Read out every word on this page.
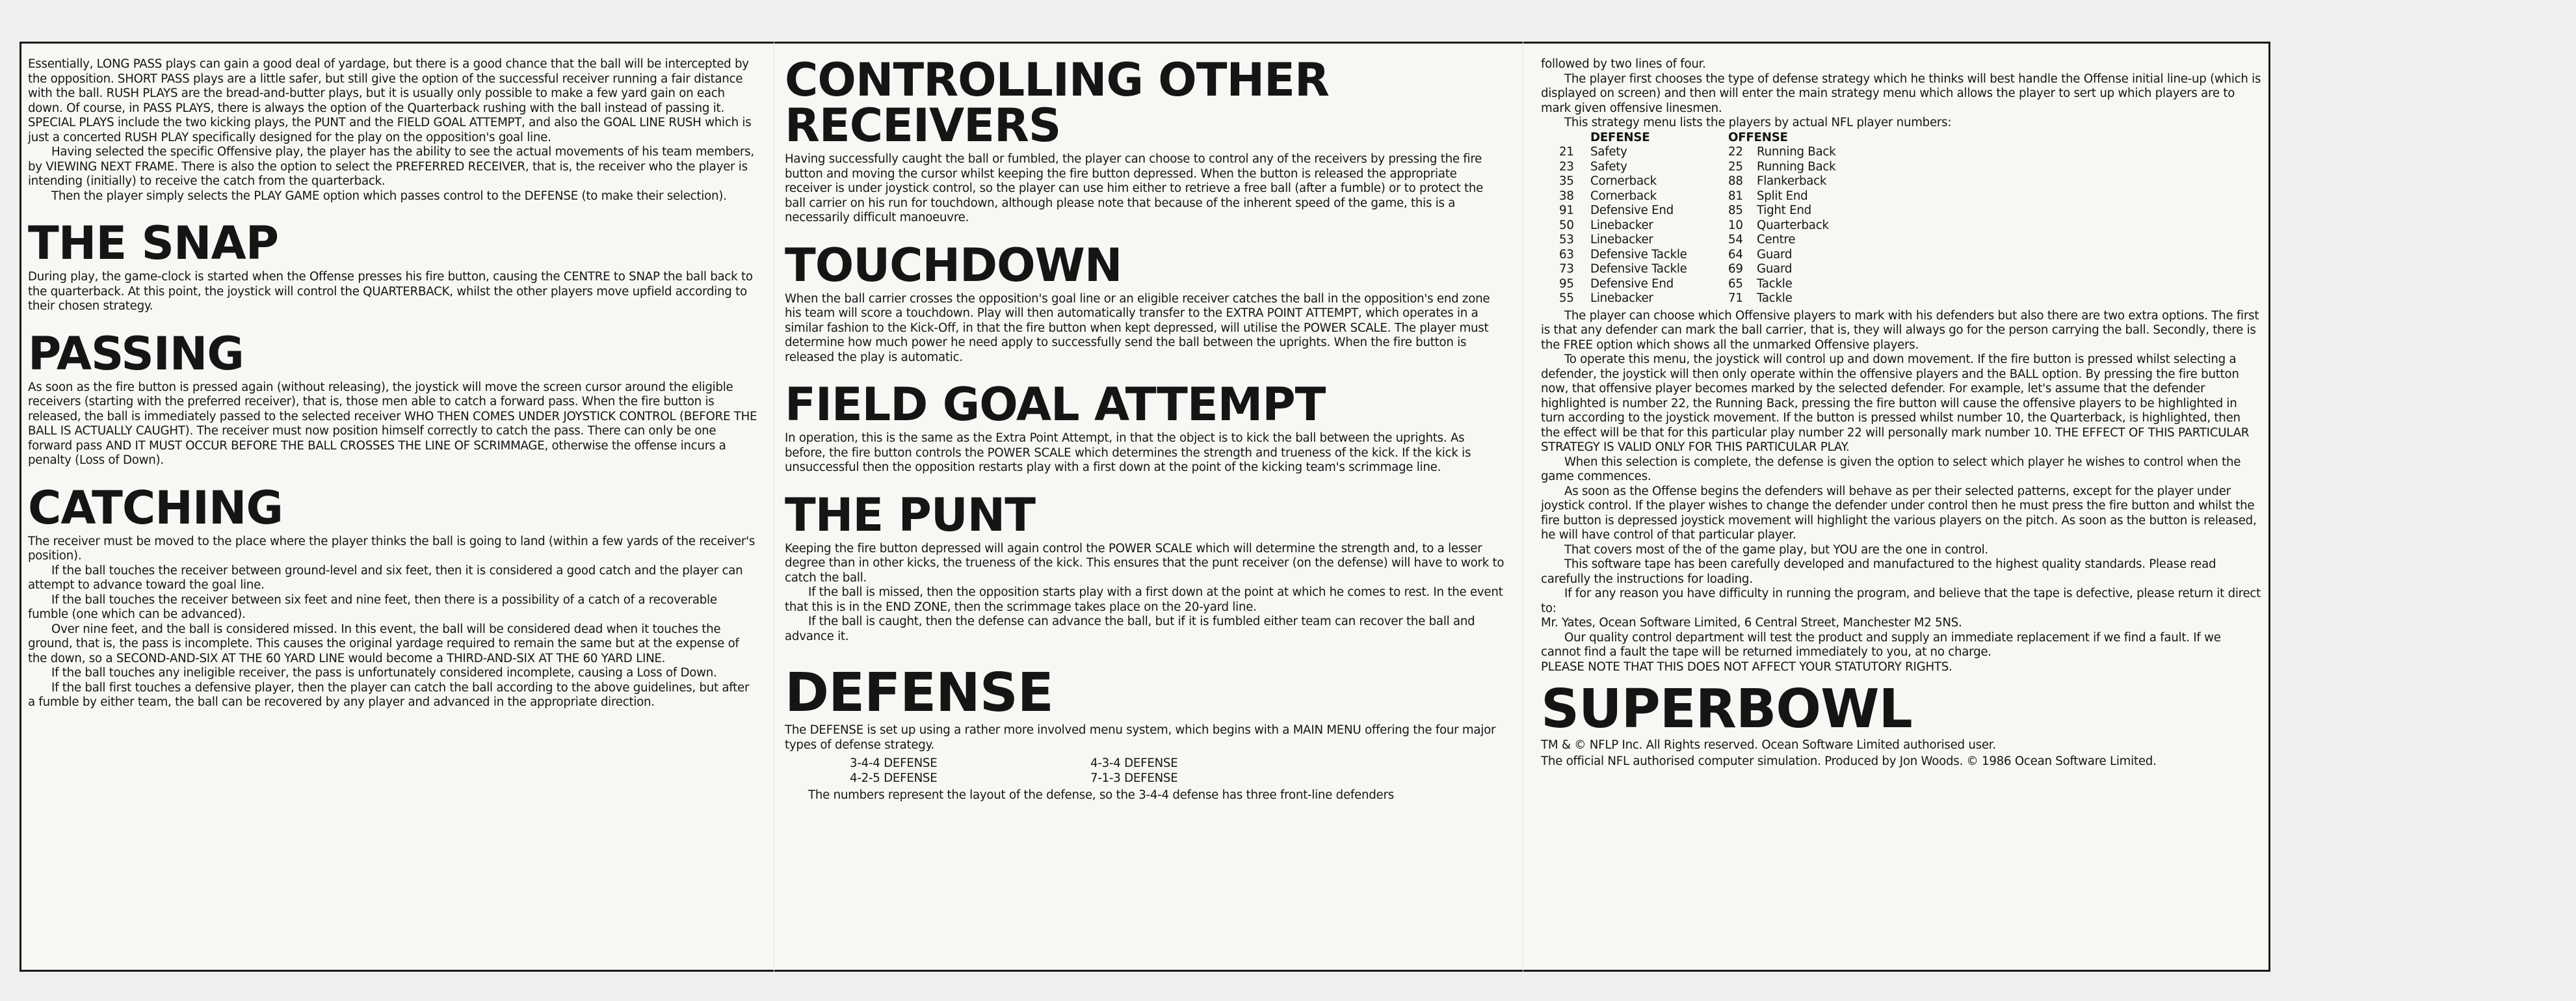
Essentially, LONG PASS plays can gain a good deal of yardage, but there is a good chance that the ball will be intercepted by the opposition. SHORT PASS plays are a little safer, but still give the option of the successful receiver running a fair distance with the ball. RUSH PLAYS are the bread-and-butter plays, but it is usually only possible to make a few yard gain on each down. Of course, in PASS PLAYS, there is always the option of the Quarterback rushing with the ball instead of passing it. SPECIAL PLAYS include the two kicking plays, the PUNT and the FIELD GOAL ATTEMPT, and also the GOAL LINE RUSH which is just a concerted RUSH PLAY specifically designed for the play on the opposition's goal line.

Having selected the specific Offensive play, the player has the ability to see the actual movements of his team members, by VIEWING NEXT FRAME. There is also the option to select the PREFERRED RECEIVER, that is, the receiver who the player is intending (initially) to receive the catch from the quarterback.

Then the player simply selects the PLAY GAME option which passes control to the DEFENSE (to make their selection).

THE SNAP

During play, the game-clock is started when the Offense presses his fire button, causing the CENTRE to SNAP the ball back to the quarterback. At this point, the joystick will control the QUARTERBACK, whilst the other players move upfield according to their chosen strategy.

PASSING

As soon as the fire button is pressed again (without releasing), the joystick will move the screen cursor around the eligible receivers (starting with the preferred receiver), that is, those men able to catch a forward pass. When the fire button is released, the ball is immediately passed to the selected receiver WHO THEN COMES UNDER JOYSTICK CONTROL (BEFORE THE BALL IS ACTUALLY CAUGHT). The receiver must now position himself correctly to catch the pass. There can only be one forward pass AND IT MUST OCCUR BEFORE THE BALL CROSSES THE LINE OF SCRIMMAGE, otherwise the offense incurs a penalty (Loss of Down).

CATCHING

The receiver must be moved to the place where the player thinks the ball is going to land (within a few yards of the receiver's position).

If the ball touches the receiver between ground-level and six feet, then it is considered a good catch and the player can attempt to advance toward the goal line.

If the ball touches the receiver between six feet and nine feet, then there is a possibility of a catch of a recoverable fumble (one which can be advanced).

Over nine feet, and the ball is considered missed. In this event, the ball will be considered dead when it touches the ground, that is, the pass is incomplete. This causes the original yardage required to remain the same but at the expense of the down, so a SECOND-AND-SIX AT THE 60 YARD LINE would become a THIRD-AND-SIX AT THE 60 YARD LINE.

If the ball touches any ineligible receiver, the pass is unfortunately considered incomplete, causing a Loss of Down.

If the ball first touches a defensive player, then the player can catch the ball according to the above guidelines, but after a fumble by either team, the ball can be recovered by any player and advanced in the appropriate direction.

CONTROLLING OTHER RECEIVERS

Having successfully caught the ball or fumbled, the player can choose to control any of the receivers by pressing the fire button and moving the cursor whilst keeping the fire button depressed. When the button is released the appropriate receiver is under joystick control, so the player can use him either to retrieve a free ball (after a fumble) or to protect the ball carrier on his run for touchdown, although please note that because of the inherent speed of the game, this is a necessarily difficult manoeuvre.

TOUCHDOWN

When the ball carrier crosses the opposition's goal line or an eligible receiver catches the ball in the opposition's end zone his team will score a touchdown. Play will then automatically transfer to the EXTRA POINT ATTEMPT, which operates in a similar fashion to the Kick-Off, in that the fire button when kept depressed, will utilise the POWER SCALE. The player must determine how much power he need apply to successfully send the ball between the uprights. When the fire button is released the play is automatic.

FIELD GOAL ATTEMPT

In operation, this is the same as the Extra Point Attempt, in that the object is to kick the ball between the uprights. As before, the fire button controls the POWER SCALE which determines the strength and trueness of the kick. If the kick is unsuccessful then the opposition restarts play with a first down at the point of the kicking team's scrimmage line.

THE PUNT

Keeping the fire button depressed will again control the POWER SCALE which will determine the strength and, to a lesser degree than in other kicks, the trueness of the kick. This ensures that the punt receiver (on the defense) will have to work to catch the ball.

If the ball is missed, then the opposition starts play with a first down at the point at which he comes to rest. In the event that this is in the END ZONE, then the scrimmage takes place on the 20-yard line.

If the ball is caught, then the defense can advance the ball, but if it is fumbled either team can recover the ball and advance it.

DEFENSE

The DEFENSE is set up using a rather more involved menu system, which begins with a MAIN MENU offering the four major types of defense strategy.

3-4-4 DEFENSE	4-3-4 DEFENSE
4-2-5 DEFENSE	7-1-3 DEFENSE

The numbers represent the layout of the defense, so the 3-4-4 defense has three front-line defenders

followed by two lines of four.

The player first chooses the type of defense strategy which he thinks will best handle the Offense initial line-up (which is displayed on screen) and then will enter the main strategy menu which allows the player to sert up which players are to mark given offensive linesmen.

This strategy menu lists the players by actual NFL player numbers:

DEFENSE	OFFENSE
21	Safety	22	Running Back
23	Safety	25	Running Back
35	Cornerback	88	Flankerback
38	Cornerback	81	Split End
91	Defensive End	85	Tight End
50	Linebacker	10	Quarterback
53	Linebacker	54	Centre
63	Defensive Tackle	64	Guard
73	Defensive Tackle	69	Guard
95	Defensive End	65	Tackle
55	Linebacker	71	Tackle

The player can choose which Offensive players to mark with his defenders but also there are two extra options. The first is that any defender can mark the ball carrier, that is, they will always go for the person carrying the ball. Secondly, there is the FREE option which shows all the unmarked Offensive players.

To operate this menu, the joystick will control up and down movement. If the fire button is pressed whilst selecting a defender, the joystick will then only operate within the offensive players and the BALL option. By pressing the fire button now, that offensive player becomes marked by the selected defender. For example, let's assume that the defender highlighted is number 22, the Running Back, pressing the fire button will cause the offensive players to be highlighted in turn according to the joystick movement. If the button is pressed whilst number 10, the Quarterback, is highlighted, then the effect will be that for this particular play number 22 will personally mark number 10. THE EFFECT OF THIS PARTICULAR STRATEGY IS VALID ONLY FOR THIS PARTICULAR PLAY.

When this selection is complete, the defense is given the option to select which player he wishes to control when the game commences.

As soon as the Offense begins the defenders will behave as per their selected patterns, except for the player under joystick control. If the player wishes to change the defender under control then he must press the fire button and whilst the fire button is depressed joystick movement will highlight the various players on the pitch. As soon as the button is released, he will have control of that particular player.

That covers most of the of the game play, but YOU are the one in control.

This software tape has been carefully developed and manufactured to the highest quality standards. Please read carefully the instructions for loading.

If for any reason you have difficulty in running the program, and believe that the tape is defective, please return it direct to:

Mr. Yates, Ocean Software Limited, 6 Central Street, Manchester M2 5NS.

Our quality control department will test the product and supply an immediate replacement if we find a fault. If we cannot find a fault the tape will be returned immediately to you, at no charge.

PLEASE NOTE THAT THIS DOES NOT AFFECT YOUR STATUTORY RIGHTS.

SUPERBOWL

TM & © NFLP Inc. All Rights reserved. Ocean Software Limited authorised user.

The official NFL authorised computer simulation. Produced by Jon Woods. © 1986 Ocean Software Limited.
